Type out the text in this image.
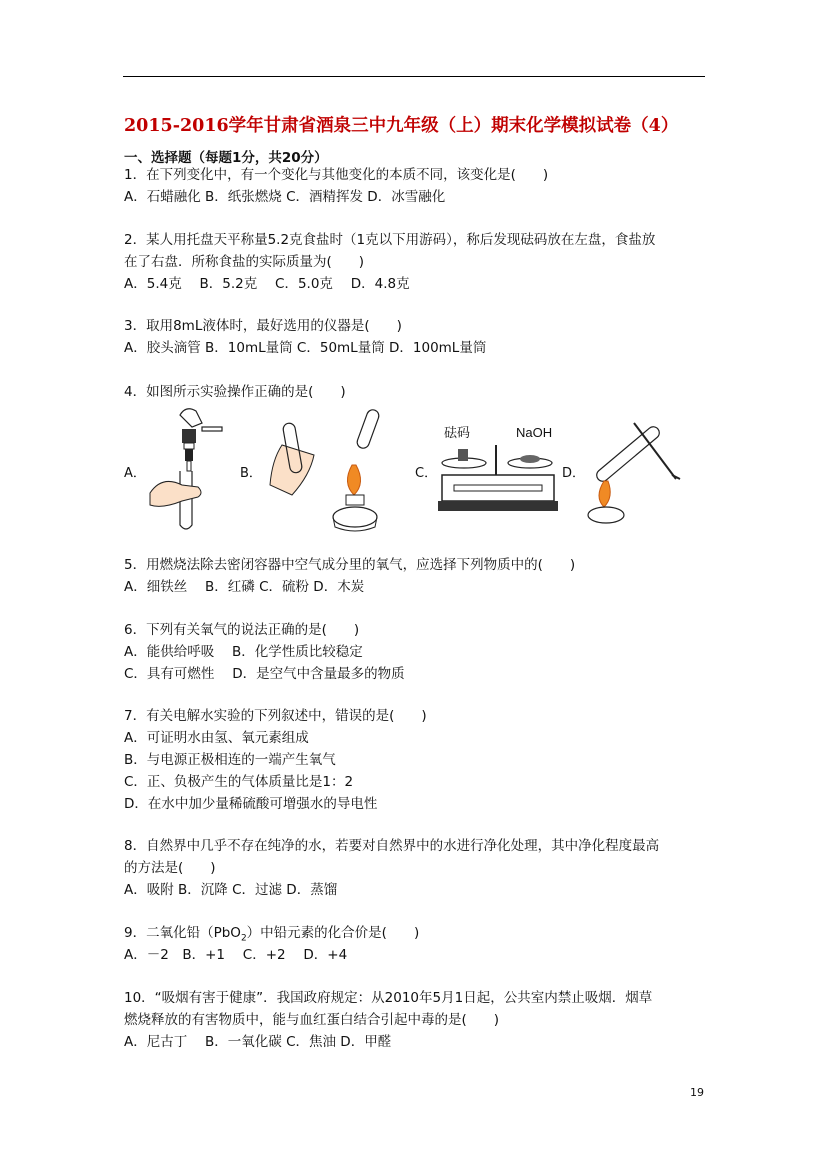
2015-2016学年甘肃省酒泉三中九年级（上）期末化学模拟试卷（4）
一、选择题（每题1分，共20分）
1．在下列变化中，有一个变化与其他变化的本质不同，该变化是(　　)
A．石蜡融化 B．纸张燃烧 C．酒精挥发 D．冰雪融化
2．某人用托盘天平称量5.2克食盐时（1克以下用游码），称后发现砝码放在左盘，食盐放
在了右盘．所称食盐的实际质量为(　　)
A．5.4克　 B．5.2克　 C．5.0克　 D．4.8克
3．取用8mL液体时，最好选用的仪器是(　　)
A．胶头滴管 B．10mL量筒 C．50mL量筒 D．100mL量筒
4．如图所示实验操作正确的是(　　)
A．	B．	C．
砝码	NaOH
D．
5．用燃烧法除去密闭容器中空气成分里的氧气，应选择下列物质中的(　　)
A．细铁丝　 B．红磷 C．硫粉 D．木炭
6．下列有关氧气的说法正确的是(　　)
A．能供给呼吸　 B．化学性质比较稳定
C．具有可燃性　 D．是空气中含量最多的物质
7．有关电解水实验的下列叙述中，错误的是(　　)
A．可证明水由氢、氧元素组成
B．与电源正极相连的一端产生氧气
C．正、负极产生的气体质量比是1：2
D．在水中加少量稀硫酸可增强水的导电性
8．自然界中几乎不存在纯净的水，若要对自然界中的水进行净化处理，其中净化程度最高
的方法是(　　)
A．吸附 B．沉降 C．过滤 D．蒸馏
9．二氧化铅（PbO$_2$）中铅元素的化合价是(　　)
A．－2　B．+1　 C．+2　 D．+4
10．“吸烟有害于健康”．我国政府规定：从2010年5月1日起，公共室内禁止吸烟．烟草
燃烧释放的有害物质中，能与血红蛋白结合引起中毒的是(　　)
A．尼古丁　 B．一氧化碳 C．焦油 D．甲醛
19
